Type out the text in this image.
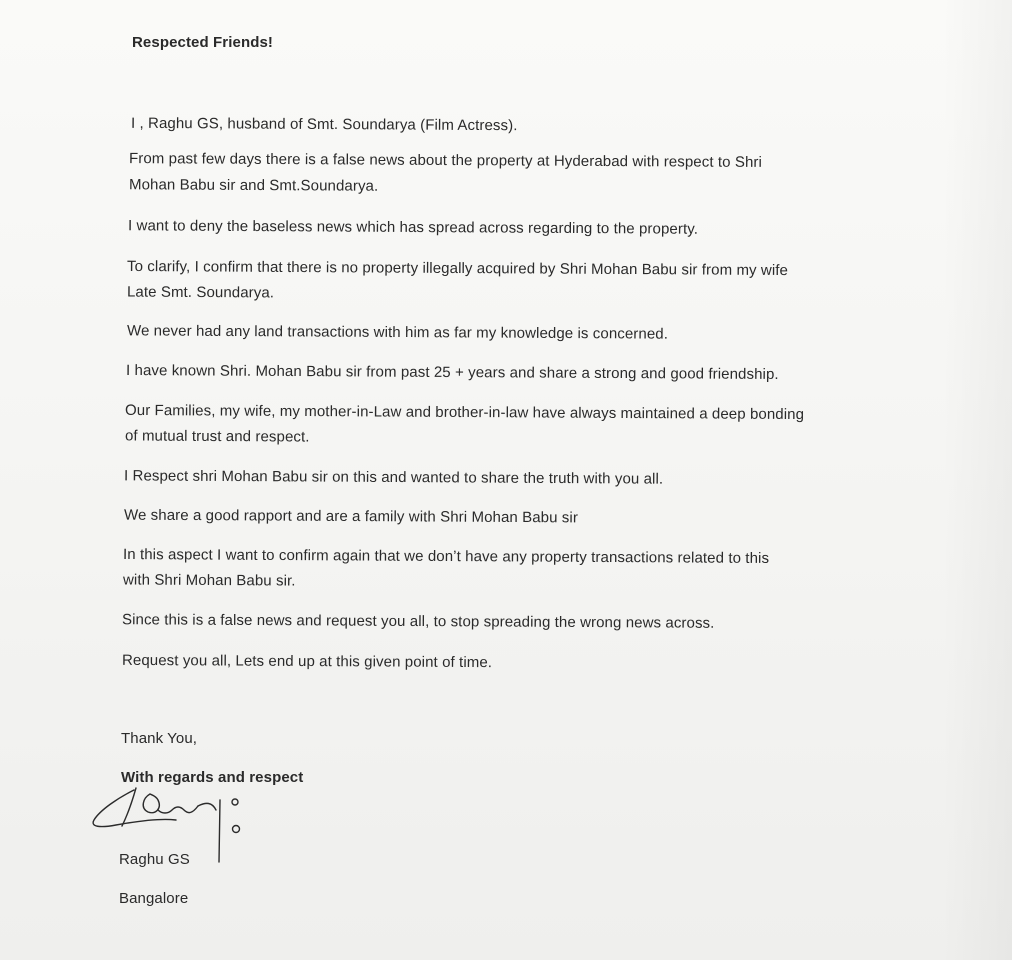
Respected Friends!
I , Raghu GS, husband of Smt. Soundarya (Film Actress).
From past few days there is a false news about the property at Hyderabad with respect to Shri
Mohan Babu sir and Smt.Soundarya.
I want to deny the baseless news which has spread across regarding to the property.
To clarify, I confirm that there is no property illegally acquired by Shri Mohan Babu sir from my wife
Late Smt. Soundarya.
We never had any land transactions with him as far my knowledge is concerned.
I have known Shri. Mohan Babu sir from past 25 + years and share a strong and good friendship.
Our Families, my wife, my mother-in-Law and brother-in-law have always maintained a deep bonding
of mutual trust and respect.
I Respect shri Mohan Babu sir on this and wanted to share the truth with you all.
We share a good rapport and are a family with Shri Mohan Babu sir
In this aspect I want to confirm again that we don’t have any property transactions related to this
with Shri Mohan Babu sir.
Since this is a false news and request you all, to stop spreading the wrong news across.
Request you all, Lets end up at this given point of time.
Thank You,
With regards and respect
Raghu GS
Bangalore
